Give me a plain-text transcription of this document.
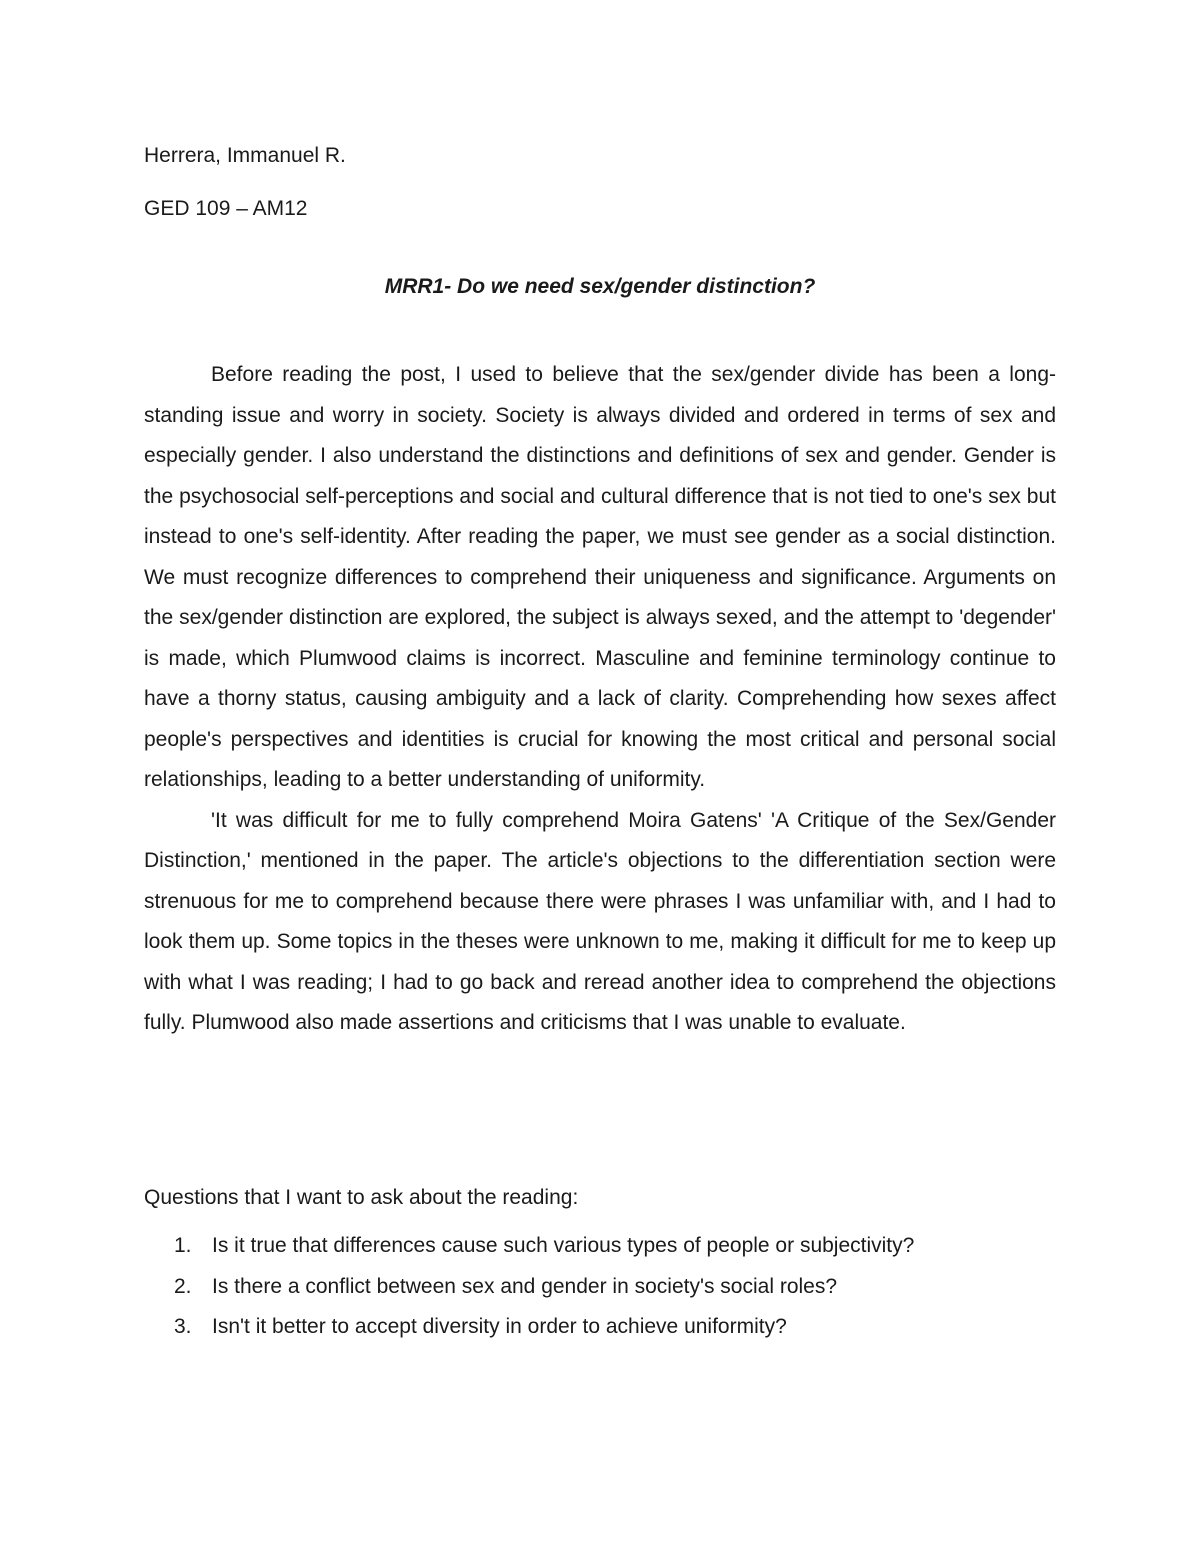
Herrera, Immanuel R.

GED 109 – AM12

MRR1- Do we need sex/gender distinction?

Before reading the post, I used to believe that the sex/gender divide has been a long-standing issue and worry in society. Society is always divided and ordered in terms of sex and especially gender. I also understand the distinctions and definitions of sex and gender. Gender is the psychosocial self-perceptions and social and cultural difference that is not tied to one's sex but instead to one's self-identity. After reading the paper, we must see gender as a social distinction. We must recognize differences to comprehend their uniqueness and significance. Arguments on the sex/gender distinction are explored, the subject is always sexed, and the attempt to 'degender' is made, which Plumwood claims is incorrect. Masculine and feminine terminology continue to have a thorny status, causing ambiguity and a lack of clarity. Comprehending how sexes affect people's perspectives and identities is crucial for knowing the most critical and personal social relationships, leading to a better understanding of uniformity.

'It was difficult for me to fully comprehend Moira Gatens' 'A Critique of the Sex/Gender Distinction,' mentioned in the paper. The article's objections to the differentiation section were strenuous for me to comprehend because there were phrases I was unfamiliar with, and I had to look them up. Some topics in the theses were unknown to me, making it difficult for me to keep up with what I was reading; I had to go back and reread another idea to comprehend the objections fully. Plumwood also made assertions and criticisms that I was unable to evaluate.

Questions that I want to ask about the reading:

1. Is it true that differences cause such various types of people or subjectivity?
2. Is there a conflict between sex and gender in society's social roles?
3. Isn't it better to accept diversity in order to achieve uniformity?
